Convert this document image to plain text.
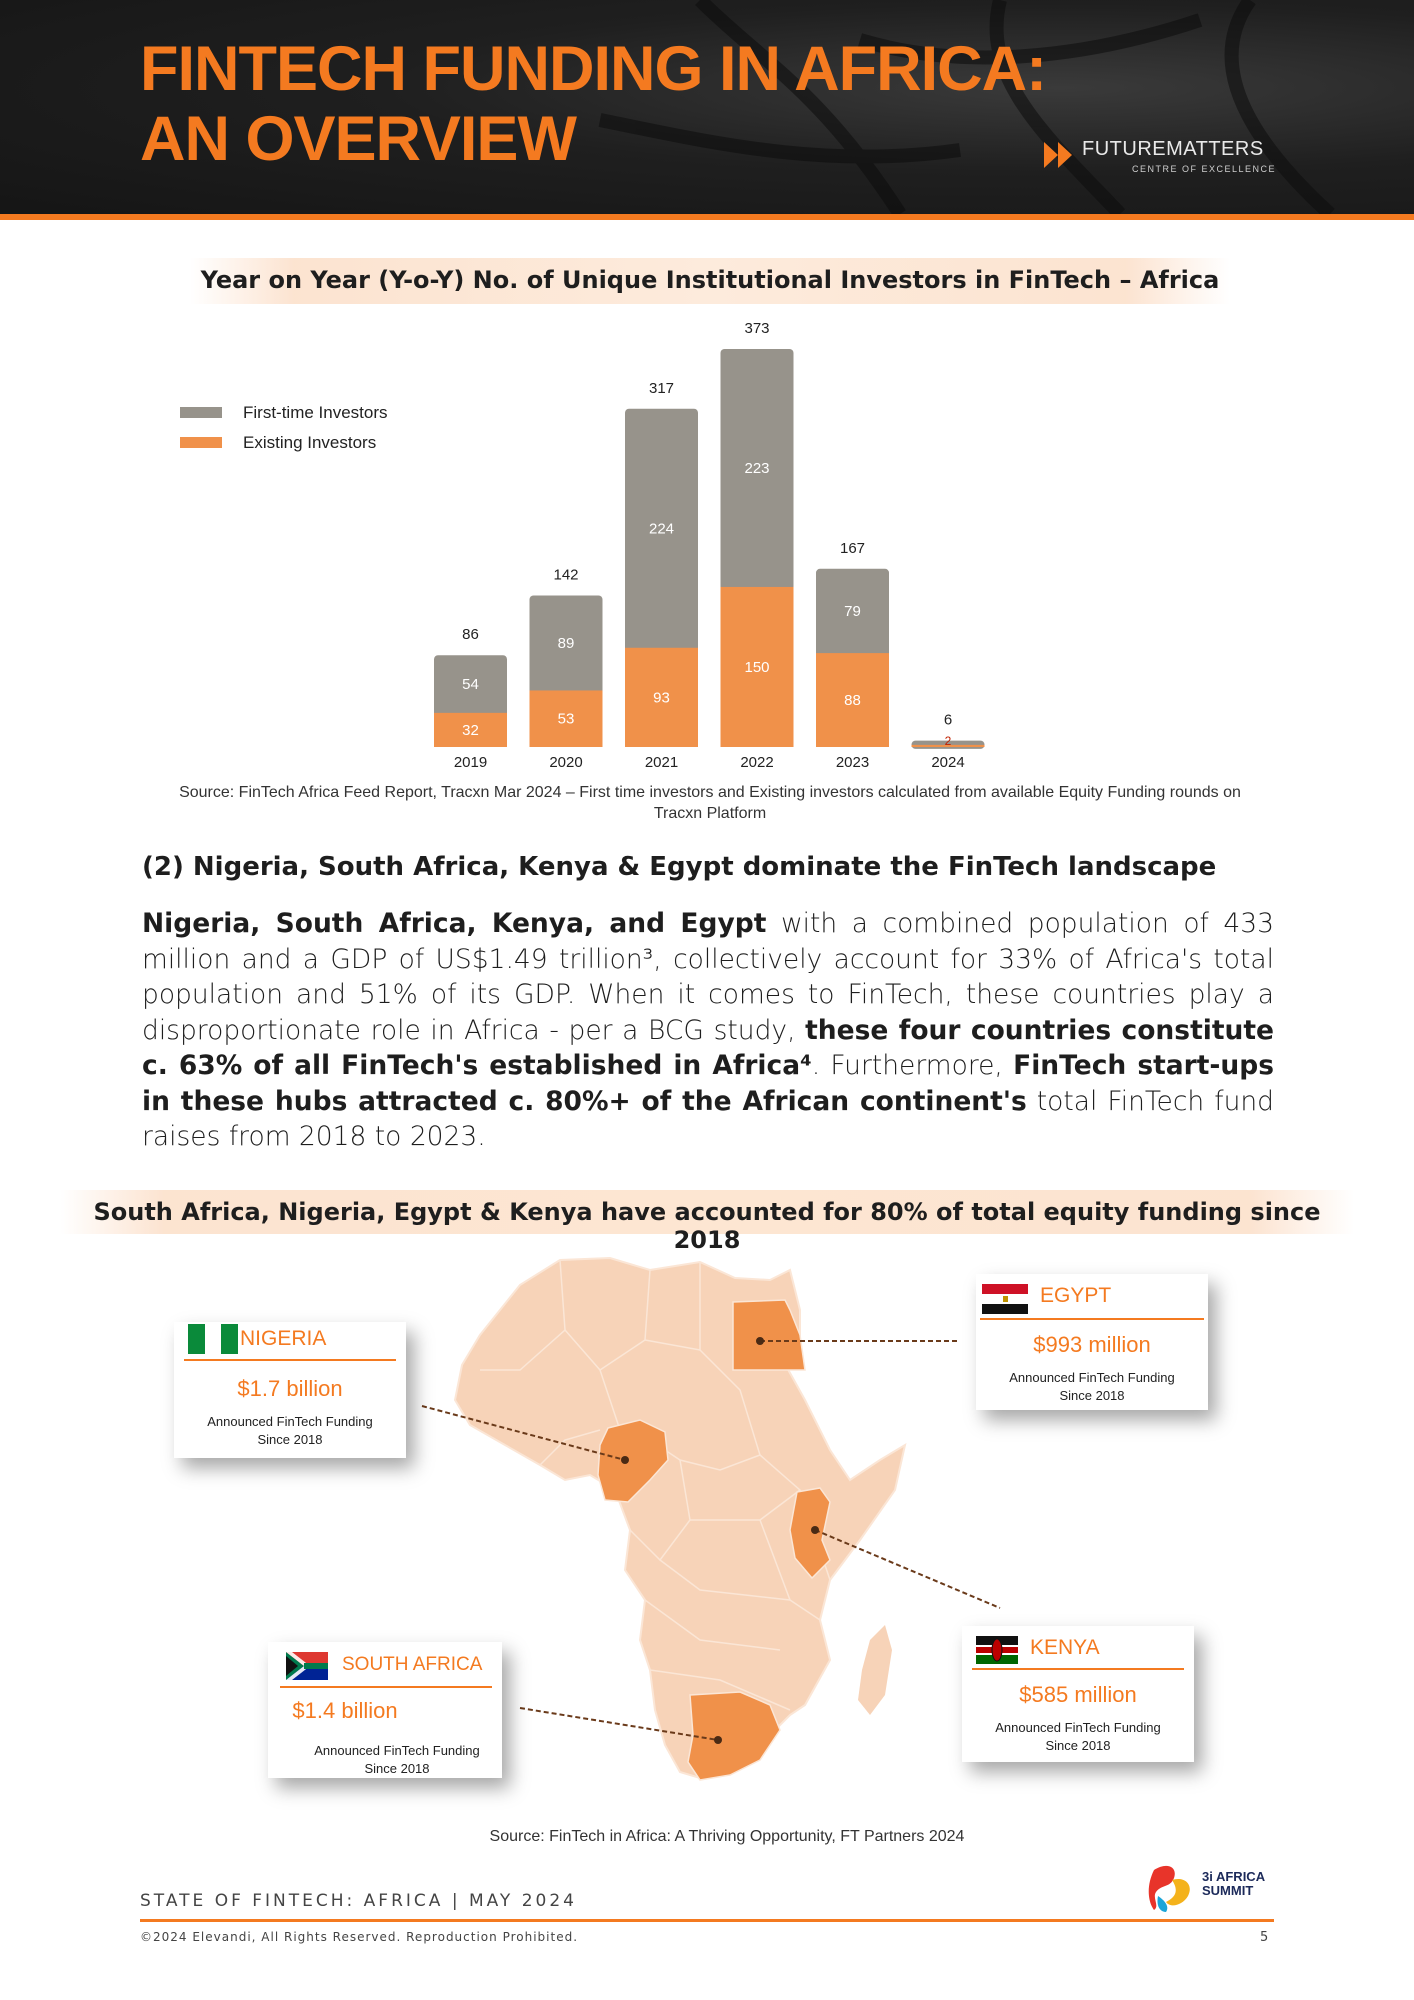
FINTECH FUNDING IN AFRICA:
AN OVERVIEW	FUTUREMATTERS
CENTRE OF EXCELLENCE
Year on Year (Y-o-Y) No. of Unique Institutional Investors in FinTech – Africa
32
54
86
2019
53
89
142
2020
93
224
317
2021
150
223
373
2022
88
79
167
2023
2
6
2024
First-time Investors
Existing Investors
Source: FinTech Africa Feed Report, Tracxn Mar 2024 – First time investors and Existing investors calculated from available Equity Funding rounds on Tracxn Platform
(2) Nigeria, South Africa, Kenya & Egypt dominate the FinTech landscape
Nigeria, South Africa, Kenya, and Egypt with a combined population of 433 million and a GDP of US$1.49 trillion³, collectively account for 33% of Africa's total population and 51% of its GDP. When it comes to FinTech, these countries play a disproportionate role in Africa - per a BCG study, these four countries constitute c. 63% of all FinTech's established in Africa⁴. Furthermore, FinTech start-ups in these hubs attracted c. 80%+ of the African continent's total FinTech fund raises from 2018 to 2023.
South Africa, Nigeria, Egypt & Kenya have accounted for 80% of total equity funding since 2018
NIGERIA
$1.7 billion
Announced FinTech Funding
Since 2018
EGYPT
$993 million
Announced FinTech Funding
Since 2018
SOUTH AFRICA
$1.4 billion
Announced FinTech Funding
Since 2018
KENYA
$585 million
Announced FinTech Funding
Since 2018
Source: FinTech in Africa: A Thriving Opportunity, FT Partners 2024
3i AFRICA
SUMMIT
STATE OF FINTECH: AFRICA | MAY 2024
©2024 Elevandi, All Rights Reserved. Reproduction Prohibited.	5
